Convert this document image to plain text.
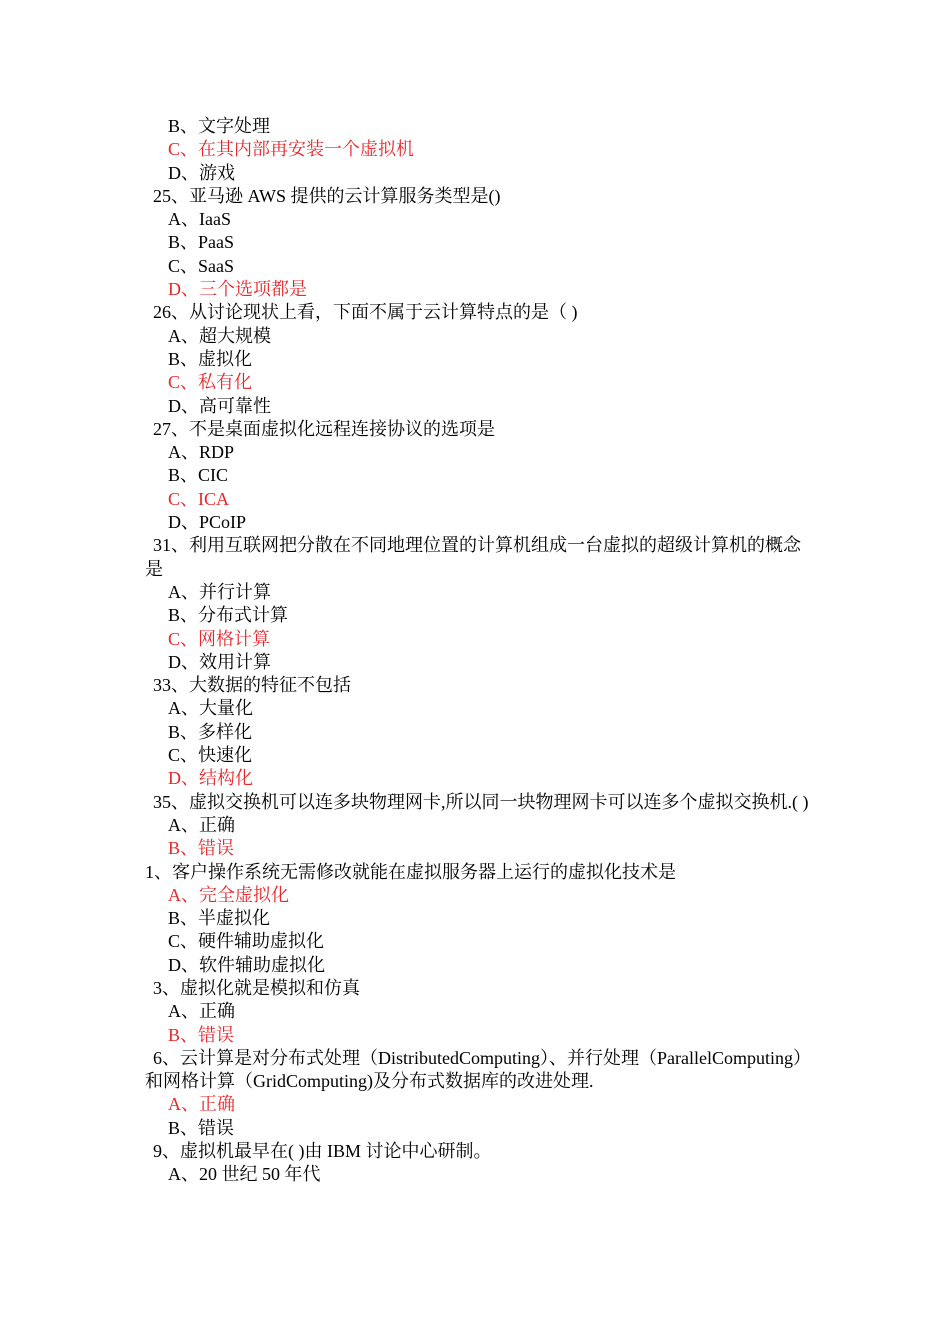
B、文字处理
C、在其内部再安装一个虚拟机
D、游戏
25、亚马逊 AWS 提供的云计算服务类型是()
A、IaaS
B、PaaS
C、SaaS
D、三个选项都是
26、从讨论现状上看，下面不属于云计算特点的是（ )
A、超大规模
B、虚拟化
C、私有化
D、高可靠性
27、不是桌面虚拟化远程连接协议的选项是
A、RDP
B、CIC
C、ICA
D、PCoIP
31、利用互联网把分散在不同地理位置的计算机组成一台虚拟的超级计算机的概念是
A、并行计算
B、分布式计算
C、网格计算
D、效用计算
33、大数据的特征不包括
A、大量化
B、多样化
C、快速化
D、结构化
35、虚拟交换机可以连多块物理网卡,所以同一块物理网卡可以连多个虚拟交换机.( )
A、正确
B、错误
1、客户操作系统无需修改就能在虚拟服务器上运行的虚拟化技术是
A、完全虚拟化
B、半虚拟化
C、硬件辅助虚拟化
D、软件辅助虚拟化
3、虚拟化就是模拟和仿真
A、正确
B、错误
6、云计算是对分布式处理（DistributedComputing）、并行处理（ParallelComputing）和网格计算（GridComputing)及分布式数据库的改进处理.
A、正确
B、错误
9、虚拟机最早在( )由 IBM 讨论中心研制。
A、20 世纪 50 年代
